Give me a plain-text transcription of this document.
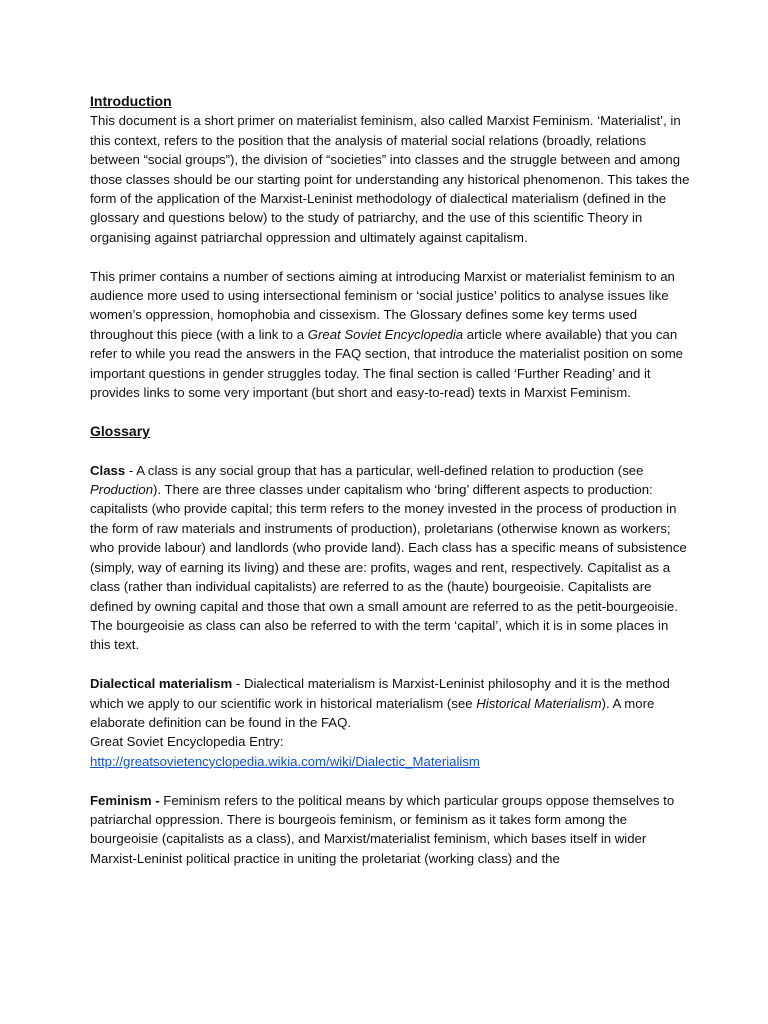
Introduction

This document is a short primer on materialist feminism, also called Marxist Feminism. ‘Materialist’, in this context, refers to the position that the analysis of material social relations (broadly, relations between “social groups”), the division of “societies” into classes and the struggle between and among those classes should be our starting point for understanding any historical phenomenon. This takes the form of the application of the Marxist-Leninist methodology of dialectical materialism (defined in the glossary and questions below) to the study of patriarchy, and the use of this scientific Theory in organising against patriarchal oppression and ultimately against capitalism.

This primer contains a number of sections aiming at introducing Marxist or materialist feminism to an audience more used to using intersectional feminism or ‘social justice’ politics to analyse issues like women’s oppression, homophobia and cissexism. The Glossary defines some key terms used throughout this piece (with a link to a Great Soviet Encyclopedia article where available) that you can refer to while you read the answers in the FAQ section, that introduce the materialist position on some important questions in gender struggles today. The final section is called ‘Further Reading’ and it provides links to some very important (but short and easy-to-read) texts in Marxist Feminism.

Glossary

Class - A class is any social group that has a particular, well-defined relation to production (see Production). There are three classes under capitalism who ‘bring’ different aspects to production: capitalists (who provide capital; this term refers to the money invested in the process of production in the form of raw materials and instruments of production), proletarians (otherwise known as workers; who provide labour) and landlords (who provide land). Each class has a specific means of subsistence (simply, way of earning its living) and these are: profits, wages and rent, respectively. Capitalist as a class (rather than individual capitalists) are referred to as the (haute) bourgeoisie. Capitalists are defined by owning capital and those that own a small amount are referred to as the petit-bourgeoisie. The bourgeoisie as class can also be referred to with the term ‘capital’, which it is in some places in this text.

Dialectical materialism - Dialectical materialism is Marxist-Leninist philosophy and it is the method which we apply to our scientific work in historical materialism (see Historical Materialism). A more elaborate definition can be found in the FAQ.

Great Soviet Encyclopedia Entry:

http://greatsovietencyclopedia.wikia.com/wiki/Dialectic_Materialism

Feminism - Feminism refers to the political means by which particular groups oppose themselves to patriarchal oppression. There is bourgeois feminism, or feminism as it takes form among the bourgeoisie (capitalists as a class), and Marxist/materialist feminism, which bases itself in wider Marxist-Leninist political practice in uniting the proletariat (working class) and the
